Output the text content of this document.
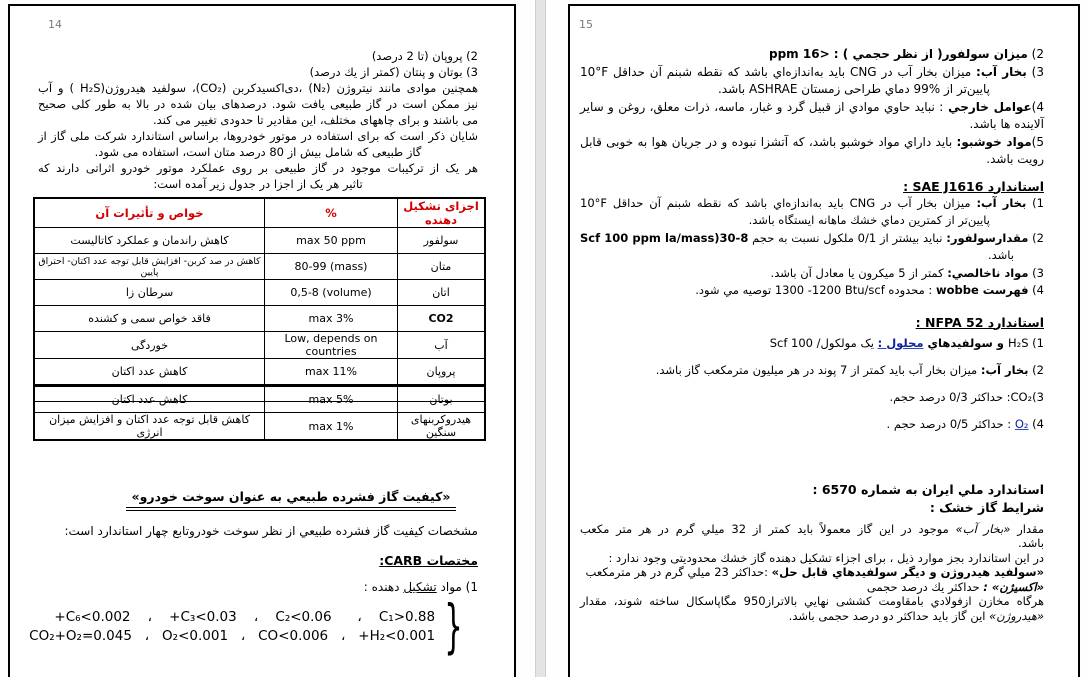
14
2) پروپان (تا 2 درصد)
3) بوتان و پنتان (کمتر از یك درصد)
همچنین موادی مانند نیتروژن (N₂) ،دی‌اکسیدکربن (CO₂)، سولفید هیدروژن(H₂S ) و آب
نیز ممکن است در گاز طبیعی یافت شود. درصدهای بیان شده در بالا به طور کلی صحیح
می باشند و برای چاههای مختلف، این مقادیر تا حدودی تغییر می کند.
شایان ذکر است که برای استفاده در موتور خودروها، براساس استاندارد شرکت ملی گاز از
گاز طبیعی که شامل بیش از 80 درصد متان است، استفاده می شود.
هر یک از ترکیبات موجود در گاز طبیعی بر روی عملکرد موتور خودرو اثراتی دارند که
تاثیر هر یک از اجزا در جدول زیر آمده است:
اجزای تشکیل دهنده	%	خواص و تأثیرات آن
سولفور	max 50 ppm	کاهش راندمان و عملکرد کاتالیست
متان	80-99 (mass)	کاهش در صد کربن- افزایش قابل توجه عدد اکتان- احتراق پایین
اتان	0,5-8 (volume)	سرطان زا
CO2	max 3%	فاقد خواص سمی و کشنده
آب	Low, depends on countries	خوردگی
پروپان	max 11%	کاهش عدد اکتان
بوتان	max 5%	کاهش عدد اکتان
هیدروکربنهای سنگین	max 1%	کاهش قابل توجه عدد اکتان و افزایش میزان انرژی
«کیفیت گاز فشرده طبیعي به عنوان سوخت خودرو»
مشخصات کیفیت گاز فشرده طبیعي از نظر سوخت خودروتابع چهار استاندارد است:
مختصات CARB:
1) مواد تشکیل دهنده :
+C₆<0.002    ،    +C₃<0.03    ،    C₂<0.06      ،    C₁>0.88
CO₂+O₂=0.045   ،   O₂<0.001   ،   CO<0.006   ،   +H₂<0.001 }
15
2) میزان سولفور( از نظر حجمي ) : <16 ppm
3) بخار آب: میزان بخار آب در CNG باید به‌اندازه‌اي باشد که نقطه شبنم آن حداقل 10°F
پایین‌تر از %99 دماي طراحی زمستان ASHRAE باشد.
4)عوامل خارجي : نباید حاوي موادي از قبیل گرد و غبار، ماسه، ذرات معلق، روغن و سایر
آلاینده ها باشد.
5)مواد خوشبو: باید داراي مواد خوشبو باشد، که آتشزا نبوده و در جریان هوا به خوبی قابل
رویت باشد.
استاندارد SAE J1616 :
1) بخار آب: میزان بخار آب در CNG باید به‌اندازه‌اي باشد که نقطه شبنم آن حداقل 10°F
پایین‌تر از کمترین دماي خشك ماهانه ایستگاه باشد.
2) مقدارسولفور: نباید بیشتر از 0/1 ملکول نسبت به حجم Scf 100 ppm la/mass)30-8
باشد.
3) مواد ناخالصي: کمتر از 5 میکرون یا معادل آن باشد.
4) فهرست wobbe : محدوده Btu/scf 1200- 1300 توصیه مي شود.
استاندارد NFPA 52 :
1) H₂S و سولفیدهاي محلول : یک مولکول/ Scf 100
2) بخار آب: میزان بخار آب باید کمتر از 7 پوند در هر میلیون مترمکعب گاز باشد.
3)CO₂: حداکثر 0/3 درصد حجم.
4) O₂ : حداکثر 0/5 درصد حجم .
استاندارد ملي ایران به شماره 6570 :
شرایط گاز خشک :
مقدار «بخار آب» موجود در این گاز معمولاً باید کمتر از 32 میلي گرم در هر متر مکعب
باشد.
در این استاندارد بجز موارد ذیل ، برای اجزاء تشکیل دهنده گاز خشك محدودیتی وجود ندارد :
«سولفید هیدروژن و دیگر سولفیدهاي قابل حل» :حداکثر 23 میلي گرم در هر مترمکعب
«اکسیژن» : حداکثر یك درصد حجمی
هرگاه مخازن ازفولادي بامقاومت کششی نهایي بالاتراز950 مگاپاسکال ساخته شوند، مقدار
«هیدروژن» این گاز باید حداکثر دو درصد حجمی باشد.
